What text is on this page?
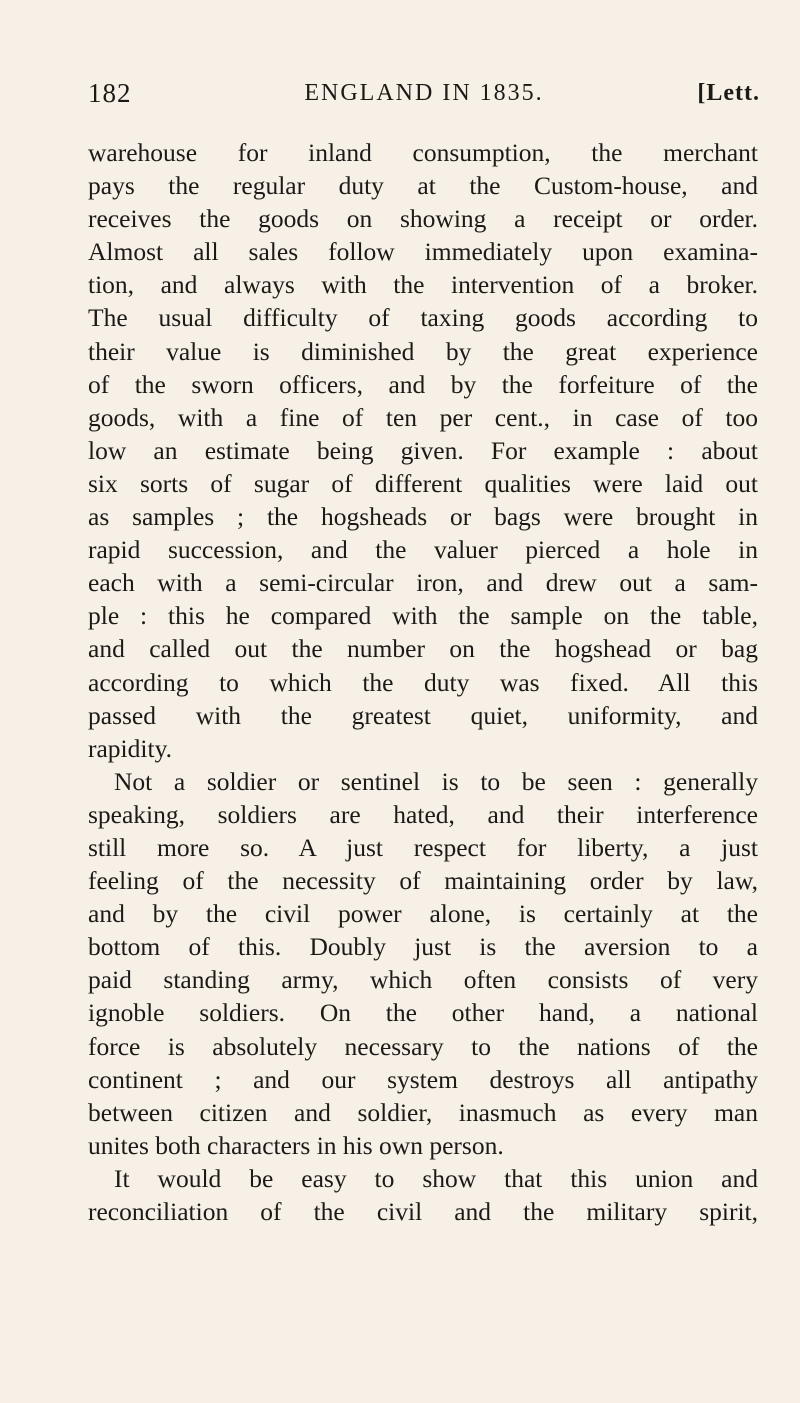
182	ENGLAND IN 1835.	[Lett.
warehouse for inland consumption, the merchant
pays the regular duty at the Custom-house, and
receives the goods on showing a receipt or order.
Almost all sales follow immediately upon examina-
tion, and always with the intervention of a broker.
The usual difficulty of taxing goods according to
their value is diminished by the great experience
of the sworn officers, and by the forfeiture of the
goods, with a fine of ten per cent., in case of too
low an estimate being given. For example : about
six sorts of sugar of different qualities were laid out
as samples ; the hogsheads or bags were brought in
rapid succession, and the valuer pierced a hole in
each with a semi-circular iron, and drew out a sam-
ple : this he compared with the sample on the table,
and called out the number on the hogshead or bag
according to which the duty was fixed. All this
passed with the greatest quiet, uniformity, and
rapidity.
Not a soldier or sentinel is to be seen : generally
speaking, soldiers are hated, and their interference
still more so. A just respect for liberty, a just
feeling of the necessity of maintaining order by law,
and by the civil power alone, is certainly at the
bottom of this. Doubly just is the aversion to a
paid standing army, which often consists of very
ignoble soldiers. On the other hand, a national
force is absolutely necessary to the nations of the
continent ; and our system destroys all antipathy
between citizen and soldier, inasmuch as every man
unites both characters in his own person.
It would be easy to show that this union and
reconciliation of the civil and the military spirit,
